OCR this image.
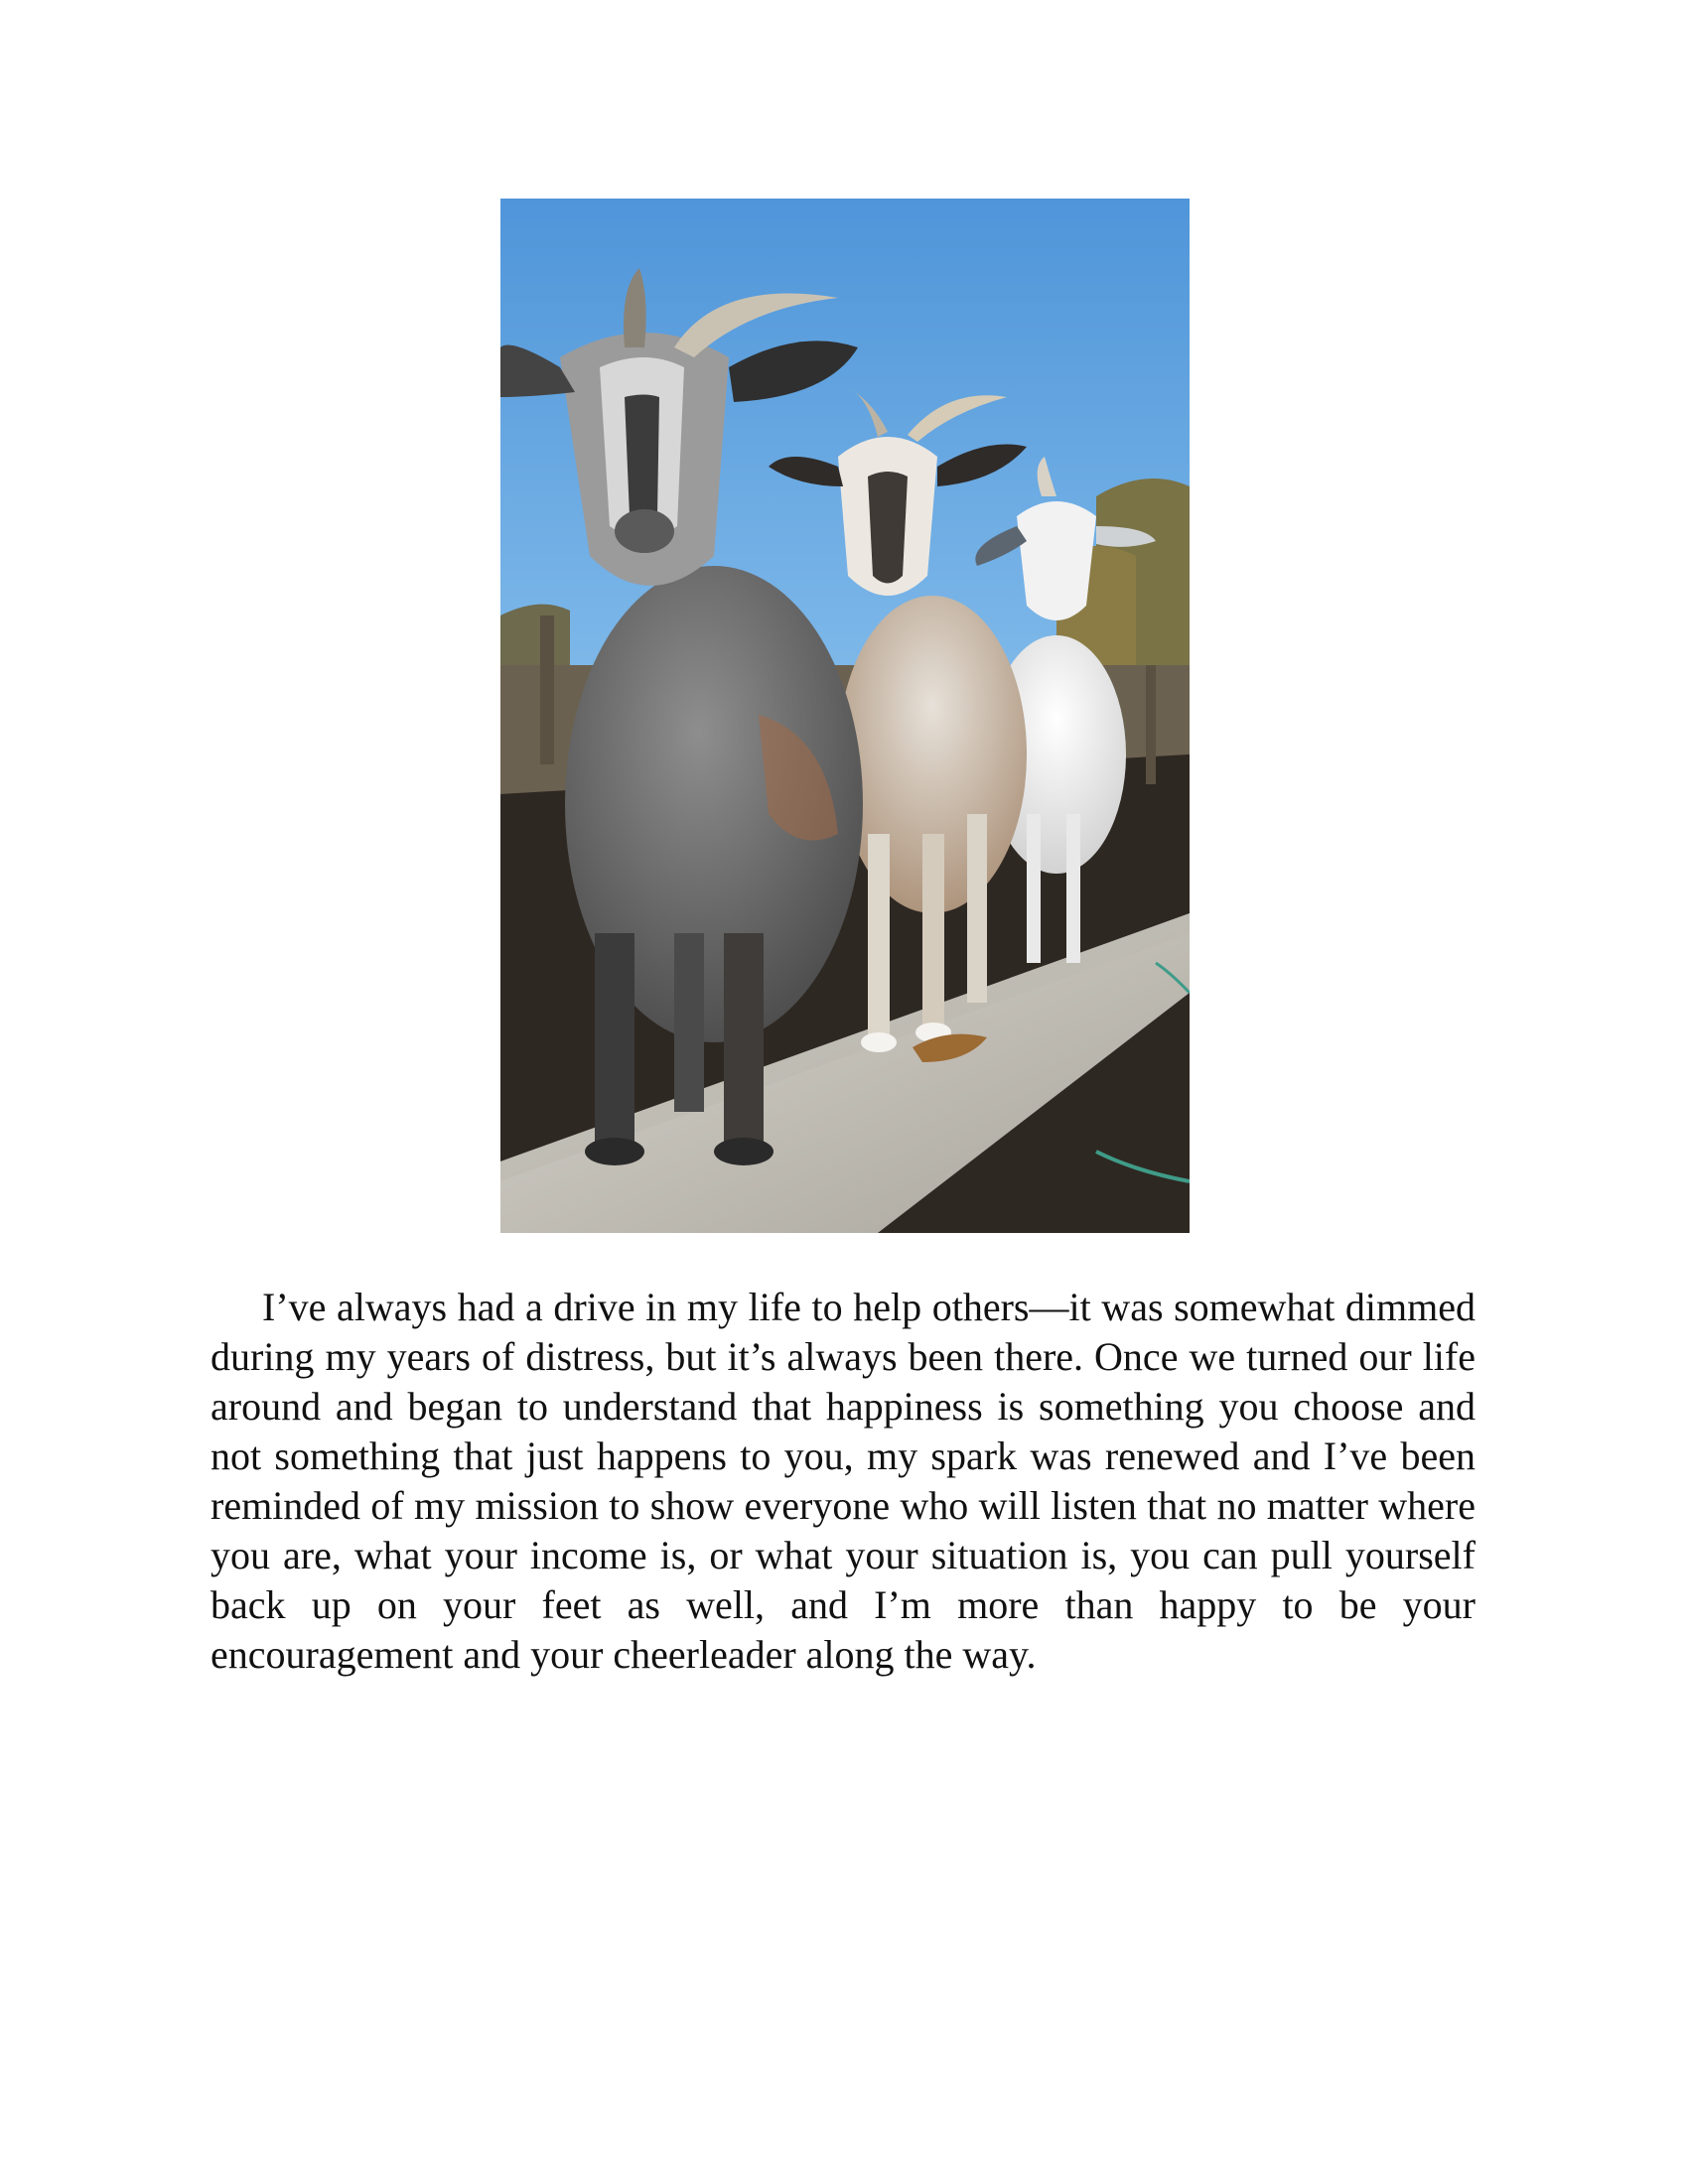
I’ve always had a drive in my life to help others—it was somewhat dimmed during my years of distress, but it’s always been there. Once we turned our life around and began to understand that happiness is something you choose and not something that just happens to you, my spark was renewed and I’ve been reminded of my mission to show everyone who will listen that no matter where you are, what your income is, or what your situation is, you can pull yourself back up on your feet as well, and I’m more than happy to be your encouragement and your cheerleader along the way.
